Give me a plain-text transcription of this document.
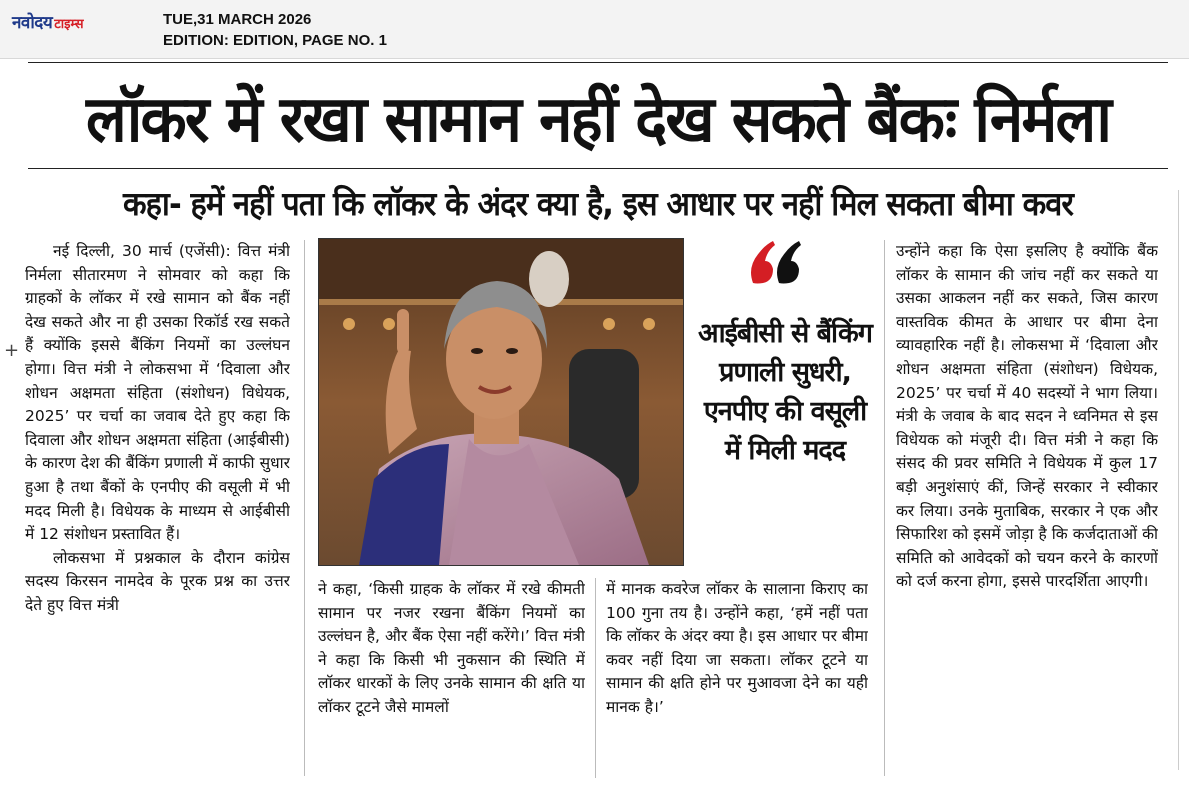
नवोदय टाइम्स	TUE,31 MARCH 2026
EDITION: EDITION, PAGE NO. 1
लॉकर में रखा सामान नहीं देख सकते बैंकः निर्मला
कहा- हमें नहीं पता कि लॉकर के अंदर क्या है, इस आधार पर नहीं मिल सकता बीमा कवर
+

नई दिल्ली, 30 मार्च (एजेंसी): वित्त मंत्री निर्मला सीतारमण ने सोमवार को कहा कि ग्राहकों के लॉकर में रखे सामान को बैंक नहीं देख सकते और ना ही उसका रिकॉर्ड रख सकते हैं क्योंकि इससे बैंकिंग नियमों का उल्लंघन होगा। वित्त मंत्री ने लोकसभा में ‘दिवाला और शोधन अक्षमता संहिता (संशोधन) विधेयक, 2025’ पर चर्चा का जवाब देते हुए कहा कि दिवाला और शोधन अक्षमता संहिता (आईबीसी) के कारण देश की बैंकिंग प्रणाली में काफी सुधार हुआ है तथा बैंकों के एनपीए की वसूली में भी मदद मिली है। विधेयक के माध्यम से आईबीसी में 12 संशोधन प्रस्तावित हैं।

लोकसभा में प्रश्नकाल के दौरान कांग्रेस सदस्य किरसन नामदेव के पूरक प्रश्न का उत्तर देते हुए वित्त मंत्री

आईबीसी से बैंकिंग प्रणाली सुधरी, एनपीए की वसूली में मिली मदद

ने कहा, ‘किसी ग्राहक के लॉकर में रखे कीमती सामान पर नजर रखना बैंकिंग नियमों का उल्लंघन है, और बैंक ऐसा नहीं करेंगे।’ वित्त मंत्री ने कहा कि किसी भी नुकसान की स्थिति में लॉकर धारकों के लिए उनके सामान की क्षति या लॉकर टूटने जैसे मामलों

में मानक कवरेज लॉकर के सालाना किराए का 100 गुना तय है। उन्होंने कहा, ‘हमें नहीं पता कि लॉकर के अंदर क्या है। इस आधार पर बीमा कवर नहीं दिया जा सकता। लॉकर टूटने या सामान की क्षति होने पर मुआवजा देने का यही मानक है।’

उन्होंने कहा कि ऐसा इसलिए है क्योंकि बैंक लॉकर के सामान की जांच नहीं कर सकते या उसका आकलन नहीं कर सकते, जिस कारण वास्तविक कीमत के आधार पर बीमा देना व्यावहारिक नहीं है। लोकसभा में ‘दिवाला और शोधन अक्षमता संहिता (संशोधन) विधेयक, 2025’ पर चर्चा में 40 सदस्यों ने भाग लिया। मंत्री के जवाब के बाद सदन ने ध्वनिमत से इस विधेयक को मंजूरी दी। वित्त मंत्री ने कहा कि संसद की प्रवर समिति ने विधेयक में कुल 17 बड़ी अनुशंसाएं कीं, जिन्हें सरकार ने स्वीकार कर लिया। उनके मुताबिक, सरकार ने एक और सिफारिश को इसमें जोड़ा है कि कर्जदाताओं की समिति को आवेदकों को चयन करने के कारणों को दर्ज करना होगा, इससे पारदर्शिता आएगी।
